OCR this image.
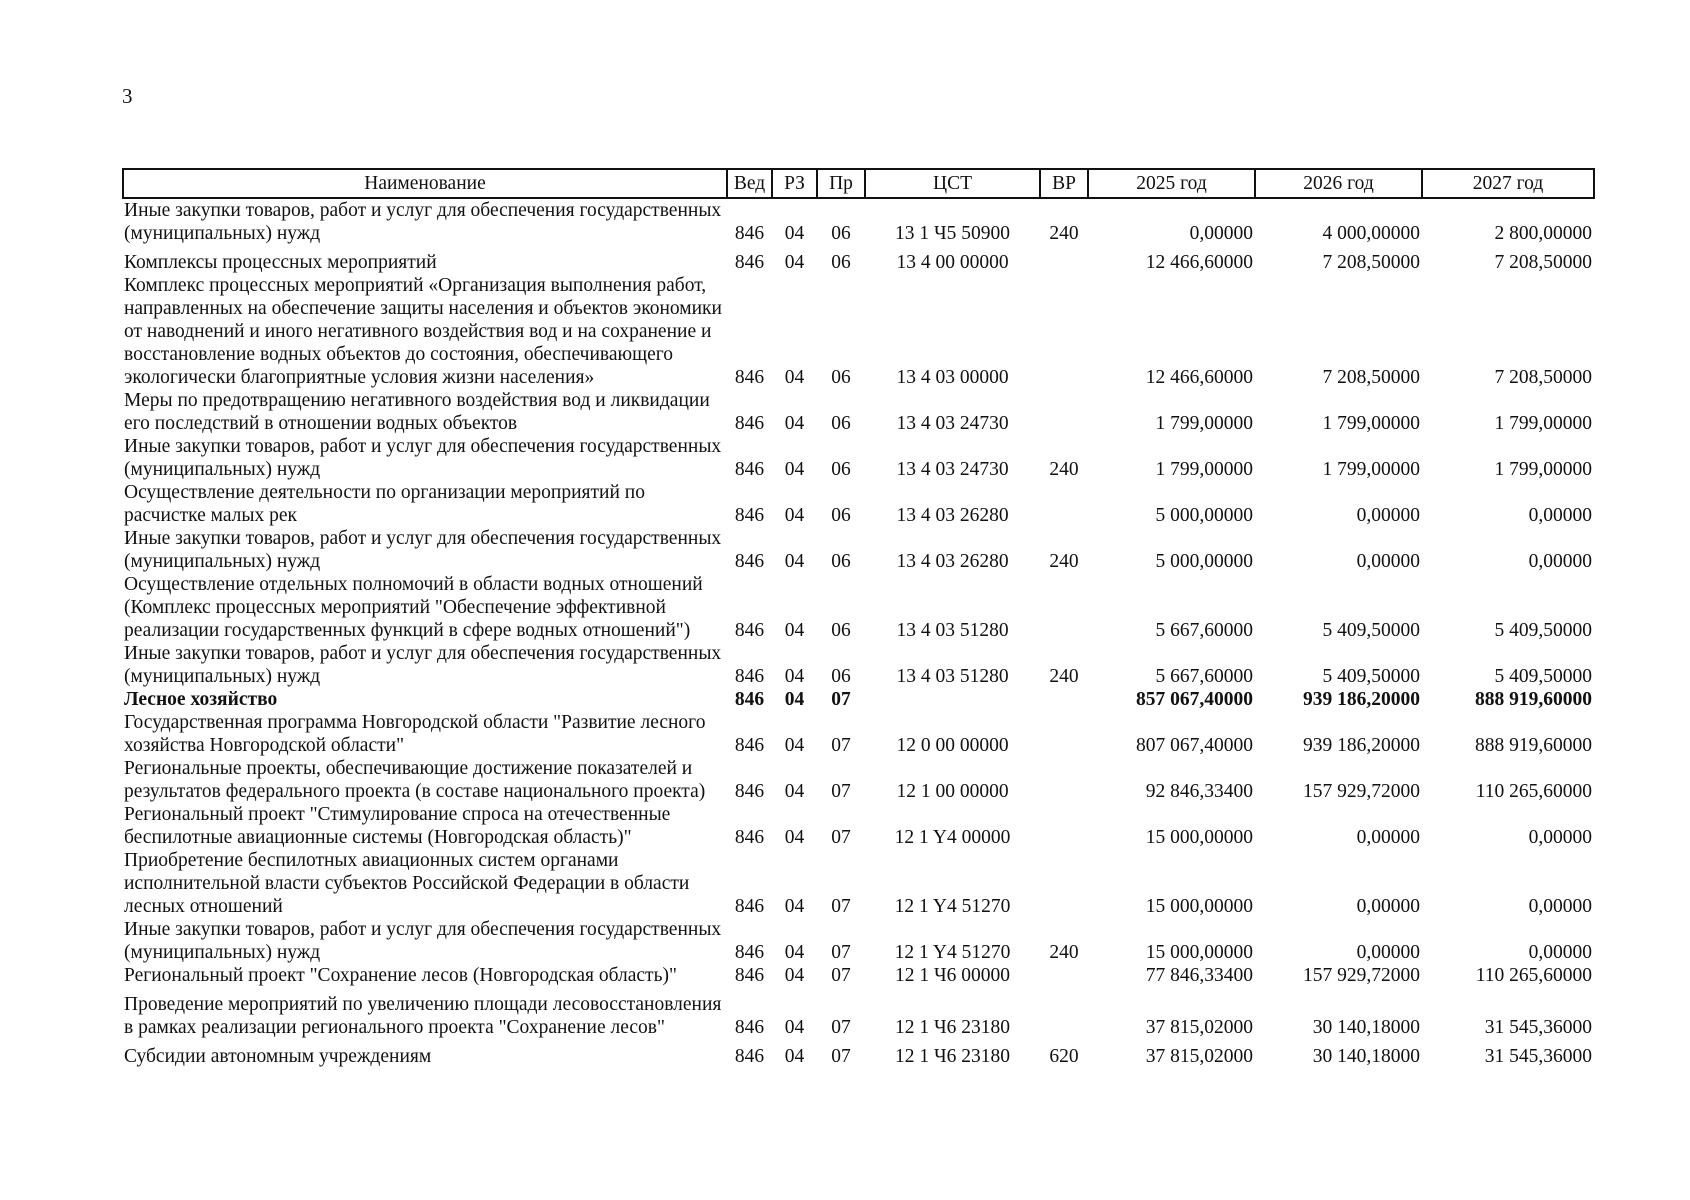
3
Наименование	Вед	РЗ	Пр	ЦСТ	ВР	2025 год	2026 год	2027 год
Иные закупки товаров, работ и услуг для обеспечения государственных (муниципальных) нужд	846	04	06	13 1 Ч5 50900	240	0,00000	4 000,00000	2 800,00000
Комплексы процессных мероприятий	846	04	06	13 4 00 00000		12 466,60000	7 208,50000	7 208,50000
Комплекс процессных мероприятий «Организация выполнения работ, направленных на обеспечение защиты населения и объектов экономики от наводнений и иного негативного воздействия вод и на сохранение и восстановление водных объектов до состояния, обеспечивающего экологически благоприятные условия жизни населения»	846	04	06	13 4 03 00000		12 466,60000	7 208,50000	7 208,50000
Меры по предотвращению негативного воздействия вод и ликвидации его последствий в отношении водных объектов	846	04	06	13 4 03 24730		1 799,00000	1 799,00000	1 799,00000
Иные закупки товаров, работ и услуг для обеспечения государственных (муниципальных) нужд	846	04	06	13 4 03 24730	240	1 799,00000	1 799,00000	1 799,00000
Осуществление деятельности по организации мероприятий по расчистке малых рек	846	04	06	13 4 03 26280		5 000,00000	0,00000	0,00000
Иные закупки товаров, работ и услуг для обеспечения государственных (муниципальных) нужд	846	04	06	13 4 03 26280	240	5 000,00000	0,00000	0,00000
Осуществление отдельных полномочий в области водных отношений (Комплекс процессных мероприятий "Обеспечение эффективной реализации государственных функций в сфере водных отношений")	846	04	06	13 4 03 51280		5 667,60000	5 409,50000	5 409,50000
Иные закупки товаров, работ и услуг для обеспечения государственных (муниципальных) нужд	846	04	06	13 4 03 51280	240	5 667,60000	5 409,50000	5 409,50000
Лесное хозяйство	846	04	07			857 067,40000	939 186,20000	888 919,60000
Государственная программа Новгородской области "Развитие лесного хозяйства Новгородской области"	846	04	07	12 0 00 00000		807 067,40000	939 186,20000	888 919,60000
Региональные проекты, обеспечивающие достижение показателей и результатов федерального проекта (в составе национального проекта)	846	04	07	12 1 00 00000		92 846,33400	157 929,72000	110 265,60000
Региональный проект "Стимулирование спроса на отечественные беспилотные авиационные системы (Новгородская область)"	846	04	07	12 1 Y4 00000		15 000,00000	0,00000	0,00000
Приобретение беспилотных авиационных систем органами исполнительной власти субъектов Российской Федерации в области лесных отношений	846	04	07	12 1 Y4 51270		15 000,00000	0,00000	0,00000
Иные закупки товаров, работ и услуг для обеспечения государственных (муниципальных) нужд	846	04	07	12 1 Y4 51270	240	15 000,00000	0,00000	0,00000
Региональный проект "Сохранение лесов (Новгородская область)"	846	04	07	12 1 Ч6 00000		77 846,33400	157 929,72000	110 265,60000
Проведение мероприятий по увеличению площади лесовосстановления в рамках реализации регионального проекта "Сохранение лесов"	846	04	07	12 1 Ч6 23180		37 815,02000	30 140,18000	31 545,36000
Субсидии автономным учреждениям	846	04	07	12 1 Ч6 23180	620	37 815,02000	30 140,18000	31 545,36000
